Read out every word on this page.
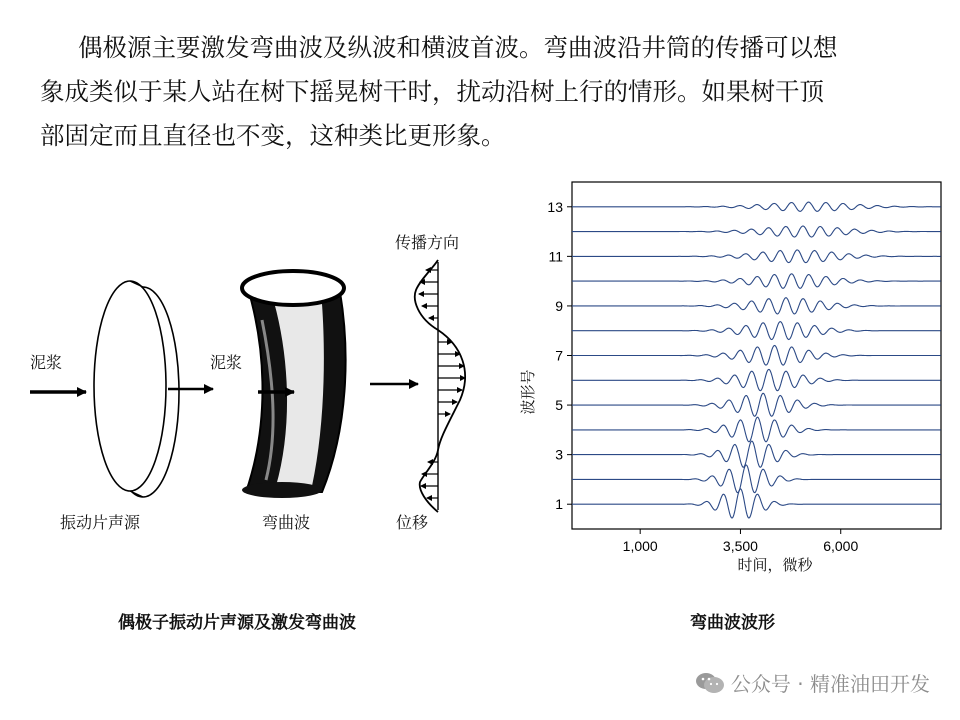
偶极源主要激发弯曲波及纵波和横波首波。弯曲波沿井筒的传播可以想
象成类似于某人站在树下摇晃树干时，扰动沿树上行的情形。如果树干顶
部固定而且直径也不变，这种类比更形象。

泥浆	泥浆
传播方向
振动片声源	弯曲波	位移
波形号
时间，微秒
1,000	3,500	6,000
1
3
5
7
9
11
13
偶极子振动片声源及激发弯曲波	弯曲波波形
公众号 · 精准油田开发
